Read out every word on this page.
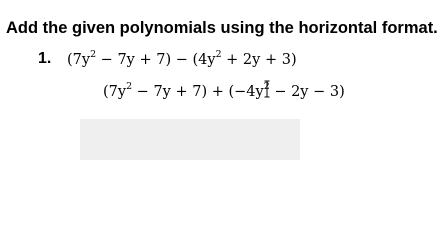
Add the given polynomials using the horizontal format.
1. $(7y^2 - 7y + 7) - (4y^2 + 2y + 3)$
$(7y^2 - 7y + 7) + (-4y^2 - 2y - 3)$
